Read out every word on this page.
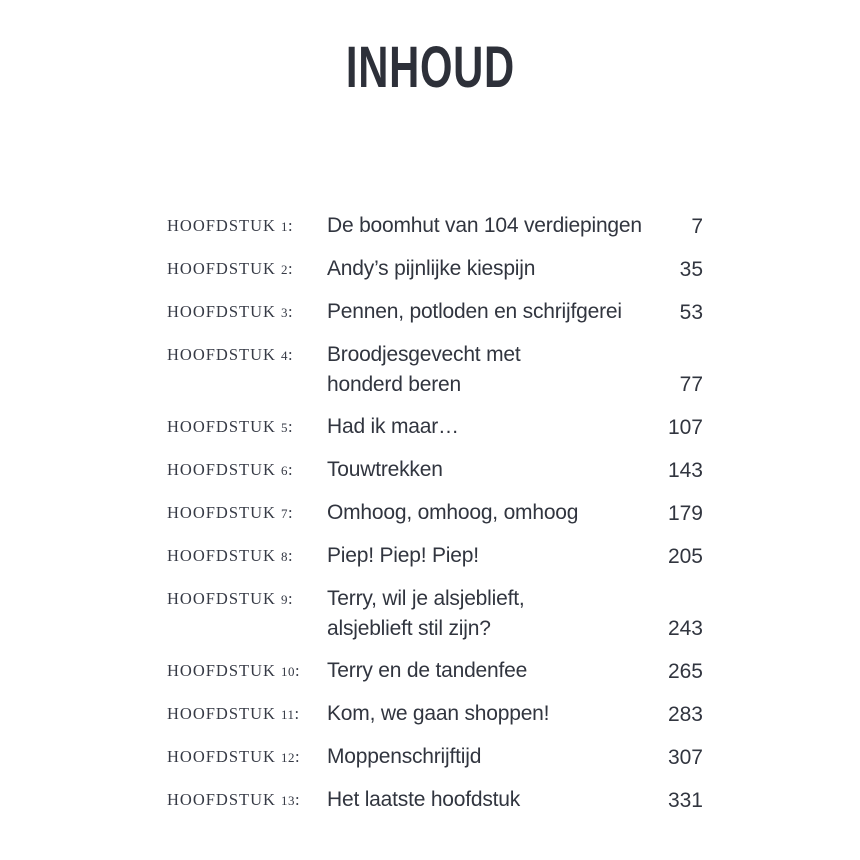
INHOUD
HOOFDSTUK 1:	De boomhut van 104 verdiepingen	7
HOOFDSTUK 2:	Andy’s pijnlijke kiespijn	35
HOOFDSTUK 3:	Pennen, potloden en schrijfgerei	53
HOOFDSTUK 4:	Broodjesgevecht met
honderd beren	77
HOOFDSTUK 5:	Had ik maar…	107
HOOFDSTUK 6:	Touwtrekken	143
HOOFDSTUK 7:	Omhoog, omhoog, omhoog	179
HOOFDSTUK 8:	Piep! Piep! Piep!	205
HOOFDSTUK 9:	Terry, wil je alsjeblieft,
alsjeblieft stil zijn?	243
HOOFDSTUK 10:	Terry en de tandenfee	265
HOOFDSTUK 11:	Kom, we gaan shoppen!	283
HOOFDSTUK 12:	Moppenschrijftijd	307
HOOFDSTUK 13:	Het laatste hoofdstuk	331
